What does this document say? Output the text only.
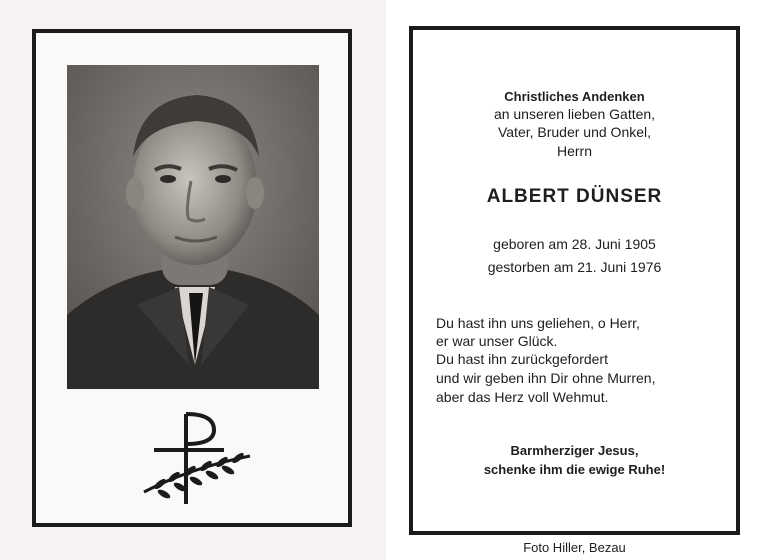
Christliches Andenken
an unseren lieben Gatten,
Vater, Bruder und Onkel,
Herrn
ALBERT DÜNSER
geboren am 28. Juni 1905
gestorben am 21. Juni 1976
Du hast ihn uns geliehen, o Herr,
er war unser Glück.
Du hast ihn zurückgefordert
und wir geben ihn Dir ohne Murren,
aber das Herz voll Wehmut.
Barmherziger Jesus,
schenke ihm die ewige Ruhe!
Foto Hiller, Bezau
